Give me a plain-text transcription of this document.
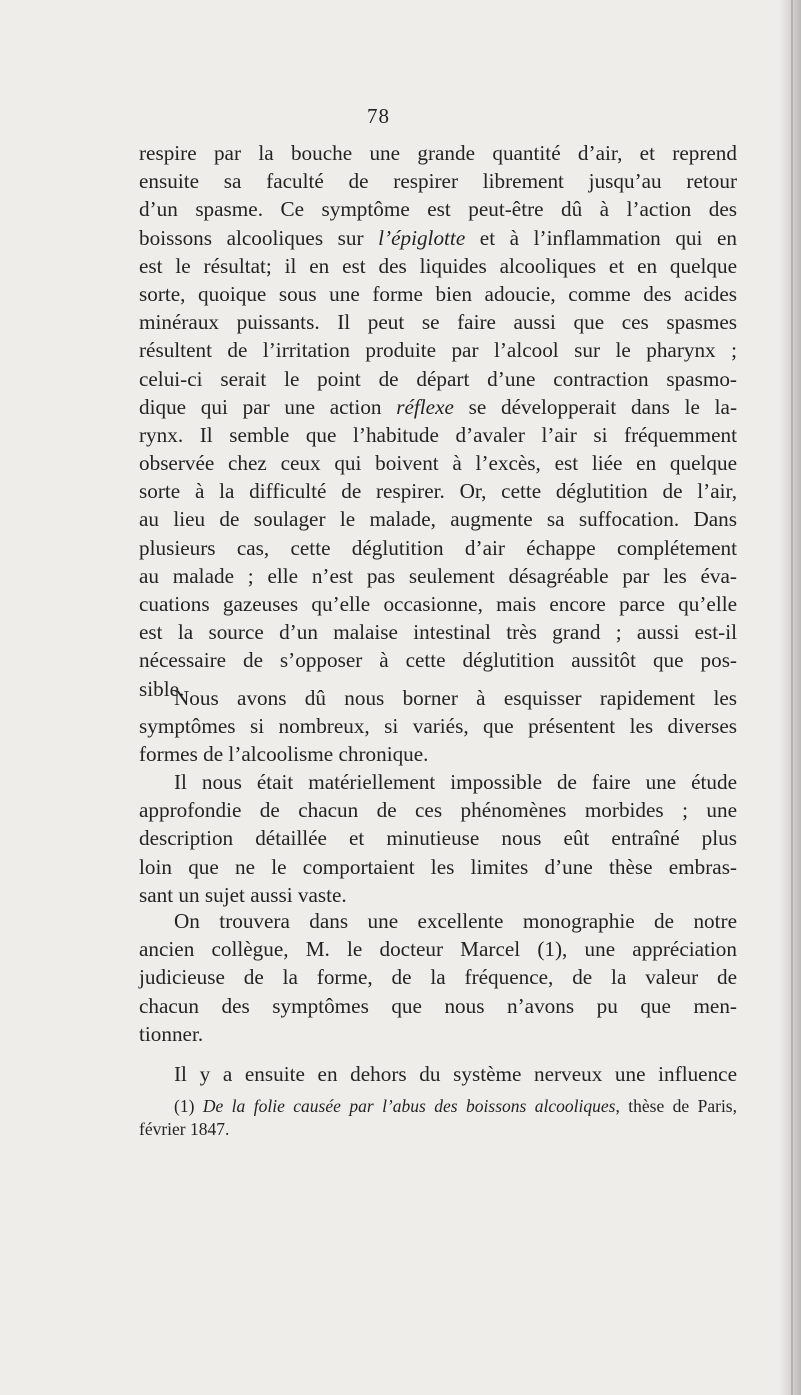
78
respire par la bouche une grande quantité d’air, et reprend
ensuite sa faculté de respirer librement jusqu’au retour
d’un spasme. Ce symptôme est peut-être dû à l’action des
boissons alcooliques sur l’épiglotte et à l’inflammation qui en
est le résultat; il en est des liquides alcooliques et en quelque
sorte, quoique sous une forme bien adoucie, comme des acides
minéraux puissants. Il peut se faire aussi que ces spasmes
résultent de l’irritation produite par l’alcool sur le pharynx ;
celui-ci serait le point de départ d’une contraction spasmo-
dique qui par une action réflexe se développerait dans le la-
rynx. Il semble que l’habitude d’avaler l’air si fréquemment
observée chez ceux qui boivent à l’excès, est liée en quelque
sorte à la difficulté de respirer. Or, cette déglutition de l’air,
au lieu de soulager le malade, augmente sa suffocation. Dans
plusieurs cas, cette déglutition d’air échappe complétement
au malade ; elle n’est pas seulement désagréable par les éva-
cuations gazeuses qu’elle occasionne, mais encore parce qu’elle
est la source d’un malaise intestinal très grand ; aussi est-il
nécessaire de s’opposer à cette déglutition aussitôt que pos-
sible.
Nous avons dû nous borner à esquisser rapidement les
symptômes si nombreux, si variés, que présentent les diverses
formes de l’alcoolisme chronique.
Il nous était matériellement impossible de faire une étude
approfondie de chacun de ces phénomènes morbides ; une
description détaillée et minutieuse nous eût entraîné plus
loin que ne le comportaient les limites d’une thèse embras-
sant un sujet aussi vaste.
On trouvera dans une excellente monographie de notre
ancien collègue, M. le docteur Marcel (1), une appréciation
judicieuse de la forme, de la fréquence, de la valeur de
chacun des symptômes que nous n’avons pu que men-
tionner.
Il y a ensuite en dehors du système nerveux une influence
(1) De la folie causée par l’abus des boissons alcooliques, thèse de Paris,
février 1847.
